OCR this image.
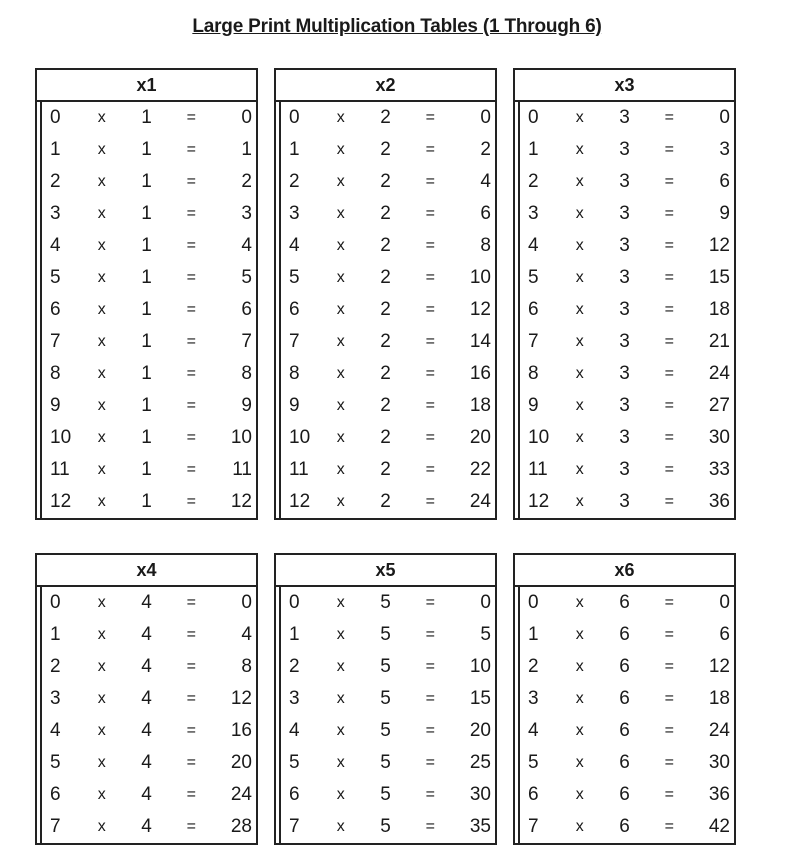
Large Print Multiplication Tables (1 Through 6)
x1
0	x	1	=	0
1	x	1	=	1
2	x	1	=	2
3	x	1	=	3
4	x	1	=	4
5	x	1	=	5
6	x	1	=	6
7	x	1	=	7
8	x	1	=	8
9	x	1	=	9
10	x	1	=	10
11	x	1	=	11
12	x	1	=	12
x2
0	x	2	=	0
1	x	2	=	2
2	x	2	=	4
3	x	2	=	6
4	x	2	=	8
5	x	2	=	10
6	x	2	=	12
7	x	2	=	14
8	x	2	=	16
9	x	2	=	18
10	x	2	=	20
11	x	2	=	22
12	x	2	=	24
x3
0	x	3	=	0
1	x	3	=	3
2	x	3	=	6
3	x	3	=	9
4	x	3	=	12
5	x	3	=	15
6	x	3	=	18
7	x	3	=	21
8	x	3	=	24
9	x	3	=	27
10	x	3	=	30
11	x	3	=	33
12	x	3	=	36
x4
0	x	4	=	0
1	x	4	=	4
2	x	4	=	8
3	x	4	=	12
4	x	4	=	16
5	x	4	=	20
6	x	4	=	24
7	x	4	=	28
x5
0	x	5	=	0
1	x	5	=	5
2	x	5	=	10
3	x	5	=	15
4	x	5	=	20
5	x	5	=	25
6	x	5	=	30
7	x	5	=	35
x6
0	x	6	=	0
1	x	6	=	6
2	x	6	=	12
3	x	6	=	18
4	x	6	=	24
5	x	6	=	30
6	x	6	=	36
7	x	6	=	42
